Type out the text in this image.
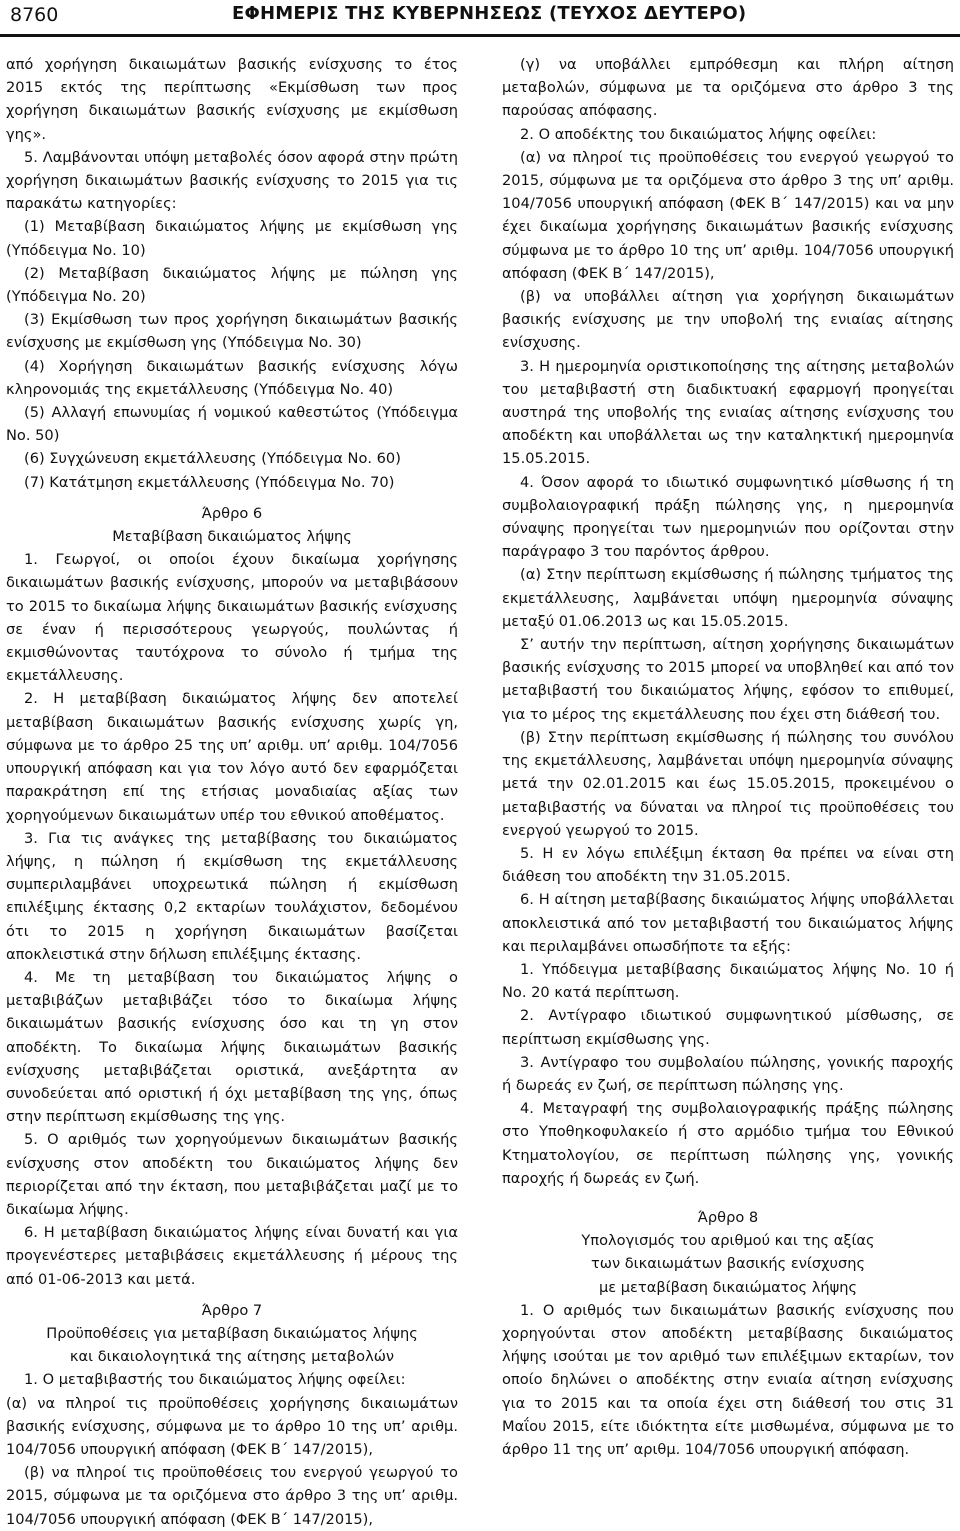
8760	ΕΦΗΜΕΡΙΣ ΤΗΣ ΚΥΒΕΡΝΗΣΕΩΣ (ΤΕΥΧΟΣ ΔΕΥΤΕΡΟ)

από χορήγηση δικαιωμάτων βασικής ενίσχυσης το έτος 2015 εκτός της περίπτωσης «Εκμίσθωση των προς χορήγηση δικαιωμάτων βασικής ενίσχυσης με εκμίσθωση γης».

5. Λαμβάνονται υπόψη μεταβολές όσον αφορά στην πρώτη χορήγηση δικαιωμάτων βασικής ενίσχυσης το 2015 για τις παρακάτω κατηγορίες:

(1) Μεταβίβαση δικαιώματος λήψης με εκμίσθωση γης (Υπόδειγμα Νο. 10)

(2) Μεταβίβαση δικαιώματος λήψης με πώληση γης (Υπόδειγμα Νο. 20)

(3) Εκμίσθωση των προς χορήγηση δικαιωμάτων βασικής ενίσχυσης με εκμίσθωση γης (Υπόδειγμα Νο. 30)

(4) Χορήγηση δικαιωμάτων βασικής ενίσχυσης λόγω κληρονομιάς της εκμετάλλευσης (Υπόδειγμα Νο. 40)

(5) Αλλαγή επωνυμίας ή νομικού καθεστώτος (Υπόδειγμα Νο. 50)

(6) Συγχώνευση εκμετάλλευσης (Υπόδειγμα Νο. 60)

(7) Κατάτμηση εκμετάλλευσης (Υπόδειγμα Νο. 70)

Άρθρο 6

Μεταβίβαση δικαιώματος λήψης

1. Γεωργοί, οι οποίοι έχουν δικαίωμα χορήγησης δικαιωμάτων βασικής ενίσχυσης, μπορούν να μεταβιβάσουν το 2015 το δικαίωμα λήψης δικαιωμάτων βασικής ενίσχυσης σε έναν ή περισσότερους γεωργούς, πουλώντας ή εκμισθώνοντας ταυτόχρονα το σύνολο ή τμήμα της εκμετάλλευσης.

2. Η μεταβίβαση δικαιώματος λήψης δεν αποτελεί μεταβίβαση δικαιωμάτων βασικής ενίσχυσης χωρίς γη, σύμφωνα με το άρθρο 25 της υπ’ αριθμ. υπ’ αριθμ. 104/7056 υπουργική απόφαση και για τον λόγο αυτό δεν εφαρμόζεται παρακράτηση επί της ετήσιας μοναδιαίας αξίας των χορηγούμενων δικαιωμάτων υπέρ του εθνικού αποθέματος.

3. Για τις ανάγκες της μεταβίβασης του δικαιώματος λήψης, η πώληση ή εκμίσθωση της εκμετάλλευσης συμπεριλαμβάνει υποχρεωτικά πώληση ή εκμίσθωση επιλέξιμης έκτασης 0,2 εκταρίων τουλάχιστον, δεδομένου ότι το 2015 η χορήγηση δικαιωμάτων βασίζεται αποκλειστικά στην δήλωση επιλέξιμης έκτασης.

4. Με τη μεταβίβαση του δικαιώματος λήψης ο μεταβιβάζων μεταβιβάζει τόσο το δικαίωμα λήψης δικαιωμάτων βασικής ενίσχυσης όσο και τη γη στον αποδέκτη. Το δικαίωμα λήψης δικαιωμάτων βασικής ενίσχυσης μεταβιβάζεται οριστικά, ανεξάρτητα αν συνοδεύεται από οριστική ή όχι μεταβίβαση της γης, όπως στην περίπτωση εκμίσθωσης της γης.

5. Ο αριθμός των χορηγούμενων δικαιωμάτων βασικής ενίσχυσης στον αποδέκτη του δικαιώματος λήψης δεν περιορίζεται από την έκταση, που μεταβιβάζεται μαζί με το δικαίωμα λήψης.

6. Η μεταβίβαση δικαιώματος λήψης είναι δυνατή και για προγενέστερες μεταβιβάσεις εκμετάλλευσης ή μέρους της από 01-06-2013 και μετά.

Άρθρο 7

Προϋποθέσεις για μεταβίβαση δικαιώματος λήψης

και δικαιολογητικά της αίτησης μεταβολών

1. Ο μεταβιβαστής του δικαιώματος λήψης οφείλει:

(α) να πληροί τις προϋποθέσεις χορήγησης δικαιωμάτων βασικής ενίσχυσης, σύμφωνα με το άρθρο 10 της υπ’ αριθμ. 104/7056 υπουργική απόφαση (ΦΕΚ Β΄ 147/2015),

(β) να πληροί τις προϋποθέσεις του ενεργού γεωργού το 2015, σύμφωνα με τα οριζόμενα στο άρθρο 3 της υπ’ αριθμ. 104/7056 υπουργική απόφαση (ΦΕΚ Β΄ 147/2015),

(γ) να υποβάλλει εμπρόθεσμη και πλήρη αίτηση μεταβολών, σύμφωνα με τα οριζόμενα στο άρθρο 3 της παρούσας απόφασης.

2. Ο αποδέκτης του δικαιώματος λήψης οφείλει:

(α) να πληροί τις προϋποθέσεις του ενεργού γεωργού το 2015, σύμφωνα με τα οριζόμενα στο άρθρο 3 της υπ’ αριθμ. 104/7056 υπουργική απόφαση (ΦΕΚ Β΄ 147/2015) και να μην έχει δικαίωμα χορήγησης δικαιωμάτων βασικής ενίσχυσης σύμφωνα με το άρθρο 10 της υπ’ αριθμ. 104/7056 υπουργική απόφαση (ΦΕΚ Β΄ 147/2015),

(β) να υποβάλλει αίτηση για χορήγηση δικαιωμάτων βασικής ενίσχυσης με την υποβολή της ενιαίας αίτησης ενίσχυσης.

3. Η ημερομηνία οριστικοποίησης της αίτησης μεταβολών του μεταβιβαστή στη διαδικτυακή εφαρμογή προηγείται αυστηρά της υποβολής της ενιαίας αίτησης ενίσχυσης του αποδέκτη και υποβάλλεται ως την καταληκτική ημερομηνία 15.05.2015.

4. Όσον αφορά το ιδιωτικό συμφωνητικό μίσθωσης ή τη συμβολαιογραφική πράξη πώλησης γης, η ημερομηνία σύναψης προηγείται των ημερομηνιών που ορίζονται στην παράγραφο 3 του παρόντος άρθρου.

(α) Στην περίπτωση εκμίσθωσης ή πώλησης τμήματος της εκμετάλλευσης, λαμβάνεται υπόψη ημερομηνία σύναψης μεταξύ 01.06.2013 ως και 15.05.2015.

Σ’ αυτήν την περίπτωση, αίτηση χορήγησης δικαιωμάτων βασικής ενίσχυσης το 2015 μπορεί να υποβληθεί και από τον μεταβιβαστή του δικαιώματος λήψης, εφόσον το επιθυμεί, για το μέρος της εκμετάλλευσης που έχει στη διάθεσή του.

(β) Στην περίπτωση εκμίσθωσης ή πώλησης του συνόλου της εκμετάλλευσης, λαμβάνεται υπόψη ημερομηνία σύναψης μετά την 02.01.2015 και έως 15.05.2015, προκειμένου ο μεταβιβαστής να δύναται να πληροί τις προϋποθέσεις του ενεργού γεωργού το 2015.

5. Η εν λόγω επιλέξιμη έκταση θα πρέπει να είναι στη διάθεση του αποδέκτη την 31.05.2015.

6. Η αίτηση μεταβίβασης δικαιώματος λήψης υποβάλλεται αποκλειστικά από τον μεταβιβαστή του δικαιώματος λήψης και περιλαμβάνει οπωσδήποτε τα εξής:

1. Υπόδειγμα μεταβίβασης δικαιώματος λήψης Νο. 10 ή Νο. 20 κατά περίπτωση.

2. Αντίγραφο ιδιωτικού συμφωνητικού μίσθωσης, σε περίπτωση εκμίσθωσης γης.

3. Αντίγραφο του συμβολαίου πώλησης, γονικής παροχής ή δωρεάς εν ζωή, σε περίπτωση πώλησης γης.

4. Μεταγραφή της συμβολαιογραφικής πράξης πώλησης στο Υποθηκοφυλακείο ή στο αρμόδιο τμήμα του Εθνικού Κτηματολογίου, σε περίπτωση πώλησης γης, γονικής παροχής ή δωρεάς εν ζωή.

Άρθρο 8

Υπολογισμός του αριθμού και της αξίας

των δικαιωμάτων βασικής ενίσχυσης

με μεταβίβαση δικαιώματος λήψης

1. Ο αριθμός των δικαιωμάτων βασικής ενίσχυσης που χορηγούνται στον αποδέκτη μεταβίβασης δικαιώματος λήψης ισούται με τον αριθμό των επιλέξιμων εκταρίων, τον οποίο δηλώνει ο αποδέκτης στην ενιαία αίτηση ενίσχυσης για το 2015 και τα οποία έχει στη διάθεσή του στις 31 Μαΐου 2015, είτε ιδιόκτητα είτε μισθωμένα, σύμφωνα με το άρθρο 11 της υπ’ αριθμ. 104/7056 υπουργική απόφαση.
